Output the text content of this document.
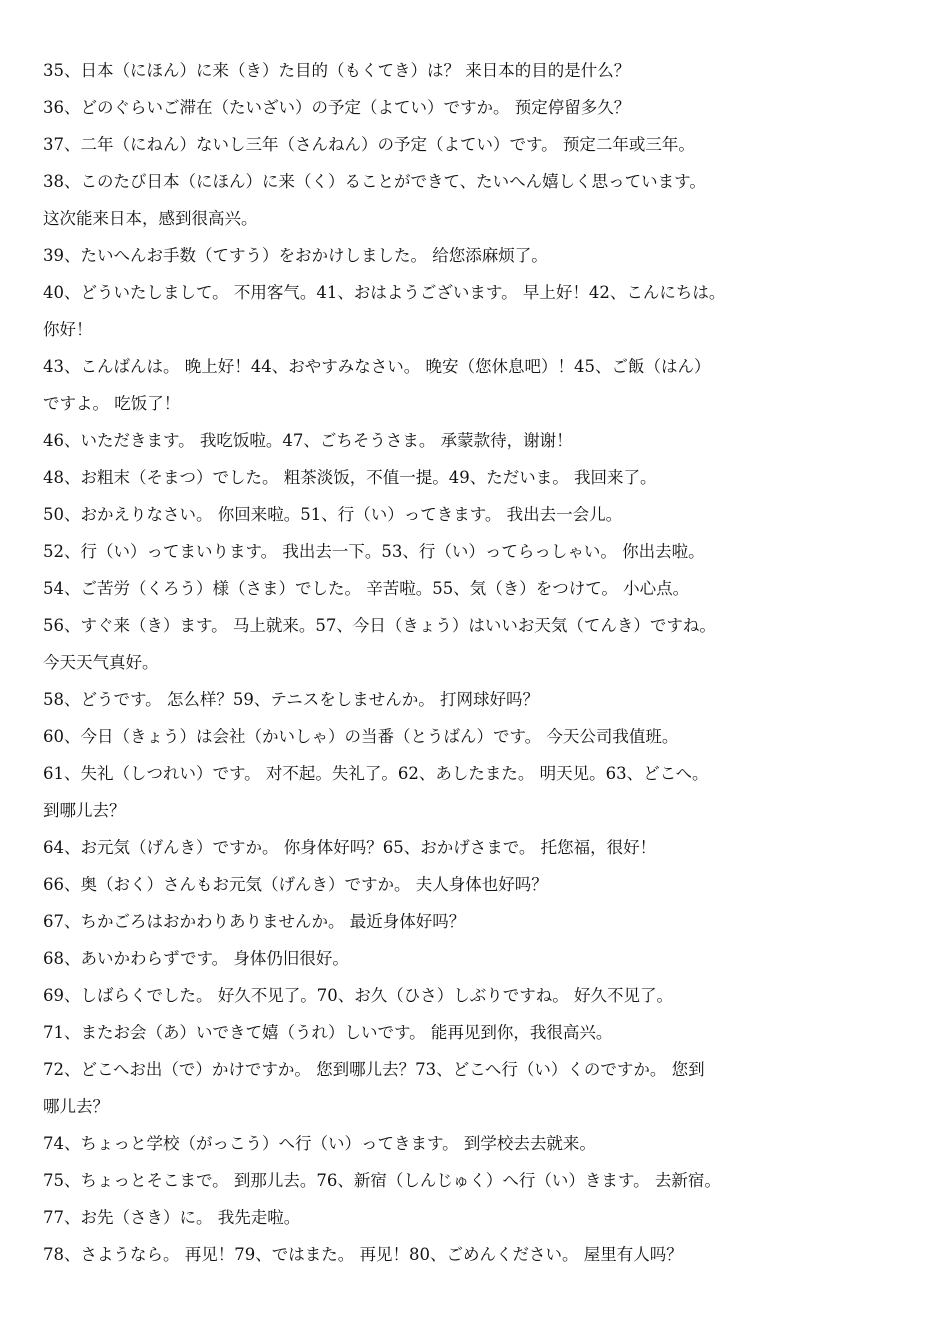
35、日本（にほん）に来（き）た目的（もくてき）は？ 来日本的目的是什么？
36、どのぐらいご滞在（たいざい）の予定（よてい）ですか。 预定停留多久？
37、二年（にねん）ないし三年（さんねん）の予定（よてい）です。 预定二年或三年。
38、このたび日本（にほん）に来（く）ることができて、たいへん嬉しく思っています。
这次能来日本，感到很高兴。
39、たいへんお手数（てすう）をおかけしました。 给您添麻烦了。
40、どういたしまして。 不用客气。41、おはようございます。 早上好！42、こんにちは。
你好！
43、こんばんは。 晚上好！44、おやすみなさい。 晚安（您休息吧）！45、ご飯（はん）
ですよ。 吃饭了！
46、いただきます。 我吃饭啦。47、ごちそうさま。 承蒙款待，谢谢！
48、お粗末（そまつ）でした。 粗茶淡饭，不值一提。49、ただいま。 我回来了。
50、おかえりなさい。 你回来啦。51、行（い）ってきます。 我出去一会儿。
52、行（い）ってまいります。 我出去一下。53、行（い）ってらっしゃい。 你出去啦。
54、ご苦労（くろう）様（さま）でした。 辛苦啦。55、気（き）をつけて。 小心点。
56、すぐ来（き）ます。 马上就来。57、今日（きょう）はいいお天気（てんき）ですね。
今天天气真好。
58、どうです。 怎么样？59、テニスをしませんか。 打网球好吗？
60、今日（きょう）は会社（かいしゃ）の当番（とうばん）です。 今天公司我值班。
61、失礼（しつれい）です。 对不起。失礼了。62、あしたまた。 明天见。63、どこへ。
到哪儿去？
64、お元気（げんき）ですか。 你身体好吗？65、おかげさまで。 托您福，很好！
66、奥（おく）さんもお元気（げんき）ですか。 夫人身体也好吗？
67、ちかごろはおかわりありませんか。 最近身体好吗？
68、あいかわらずです。 身体仍旧很好。
69、しばらくでした。 好久不见了。70、お久（ひさ）しぶりですね。 好久不见了。
71、またお会（あ）いできて嬉（うれ）しいです。 能再见到你，我很高兴。
72、どこへお出（で）かけですか。 您到哪儿去？73、どこへ行（い）くのですか。 您到
哪儿去？
74、ちょっと学校（がっこう）へ行（い）ってきます。 到学校去去就来。
75、ちょっとそこまで。 到那儿去。76、新宿（しんじゅく）へ行（い）きます。 去新宿。
77、お先（さき）に。 我先走啦。
78、さようなら。 再见！79、ではまた。 再见！80、ごめんください。 屋里有人吗？
